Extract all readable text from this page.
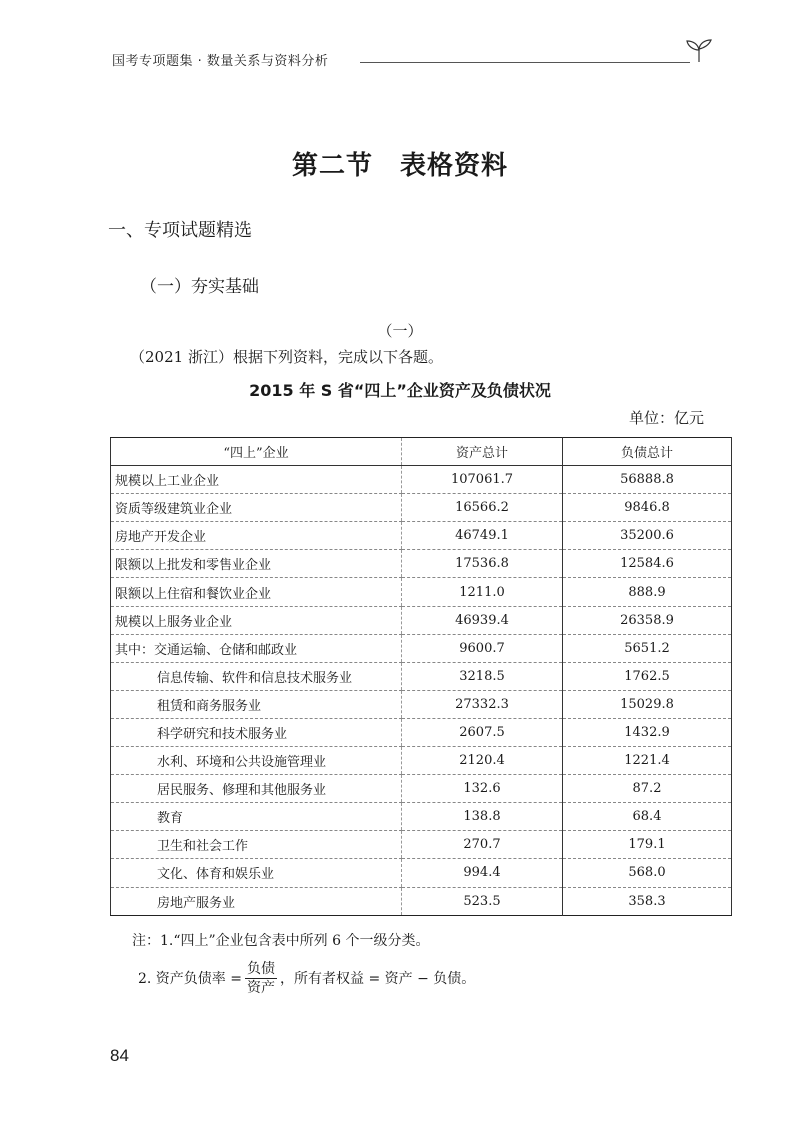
国考专项题集 · 数量关系与资料分析
第二节　表格资料
一、专项试题精选
（一）夯实基础
（一）
（2021 浙江）根据下列资料，完成以下各题。
2015 年 S 省“四上”企业资产及负债状况
单位：亿元
“四上”企业	资产总计	负债总计
规模以上工业企业	107061.7	56888.8
资质等级建筑业企业	16566.2	9846.8
房地产开发企业	46749.1	35200.6
限额以上批发和零售业企业	17536.8	12584.6
限额以上住宿和餐饮业企业	1211.0	888.9
规模以上服务业企业	46939.4	26358.9
其中：交通运输、仓储和邮政业	9600.7	5651.2
信息传输、软件和信息技术服务业	3218.5	1762.5
租赁和商务服务业	27332.3	15029.8
科学研究和技术服务业	2607.5	1432.9
水利、环境和公共设施管理业	2120.4	1221.4
居民服务、修理和其他服务业	132.6	87.2
教育	138.8	68.4
卫生和社会工作	270.7	179.1
文化、体育和娱乐业	994.4	568.0
房地产服务业	523.5	358.3
注：1.“四上”企业包含表中所列 6 个一级分类。
2. 资产负债率 = $\frac{\text{负债}}{\text{资产}}$ ，所有者权益 = 资产 − 负债。
84
